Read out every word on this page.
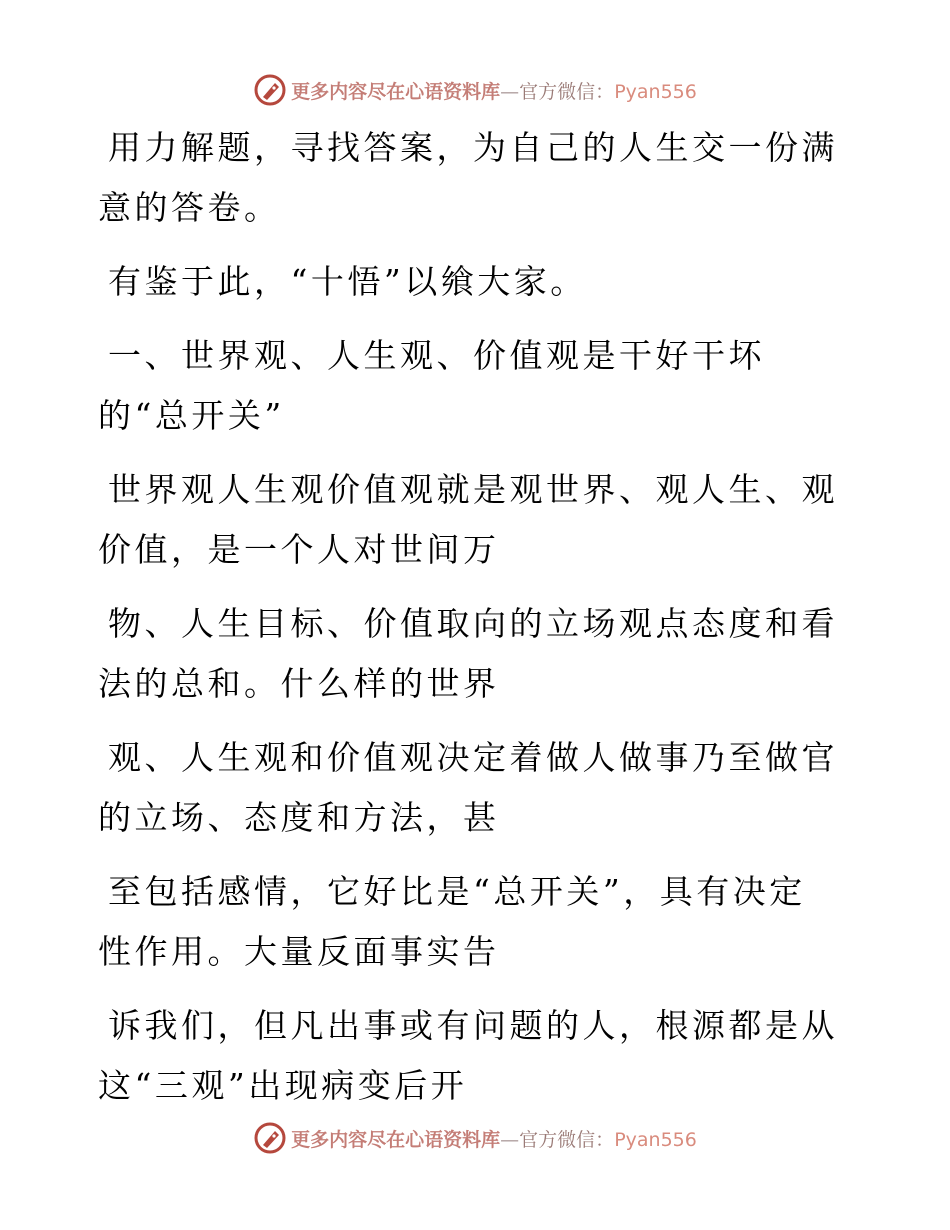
更多内容尽在心语资料库—官方微信：Pyan556

用力解题，寻找答案，为自己的人生交一份满意的答卷。

有鉴于此，“十悟”以飨大家。

一、世界观、人生观、价值观是干好干坏的“总开关”

世界观人生观价值观就是观世界、观人生、观价值，是一个人对世间万

物、人生目标、价值取向的立场观点态度和看法的总和。什么样的世界

观、人生观和价值观决定着做人做事乃至做官的立场、态度和方法，甚

至包括感情，它好比是“总开关”，具有决定性作用。大量反面事实告

诉我们，但凡出事或有问题的人，根源都是从这“三观”出现病变后开

更多内容尽在心语资料库—官方微信：Pyan556
